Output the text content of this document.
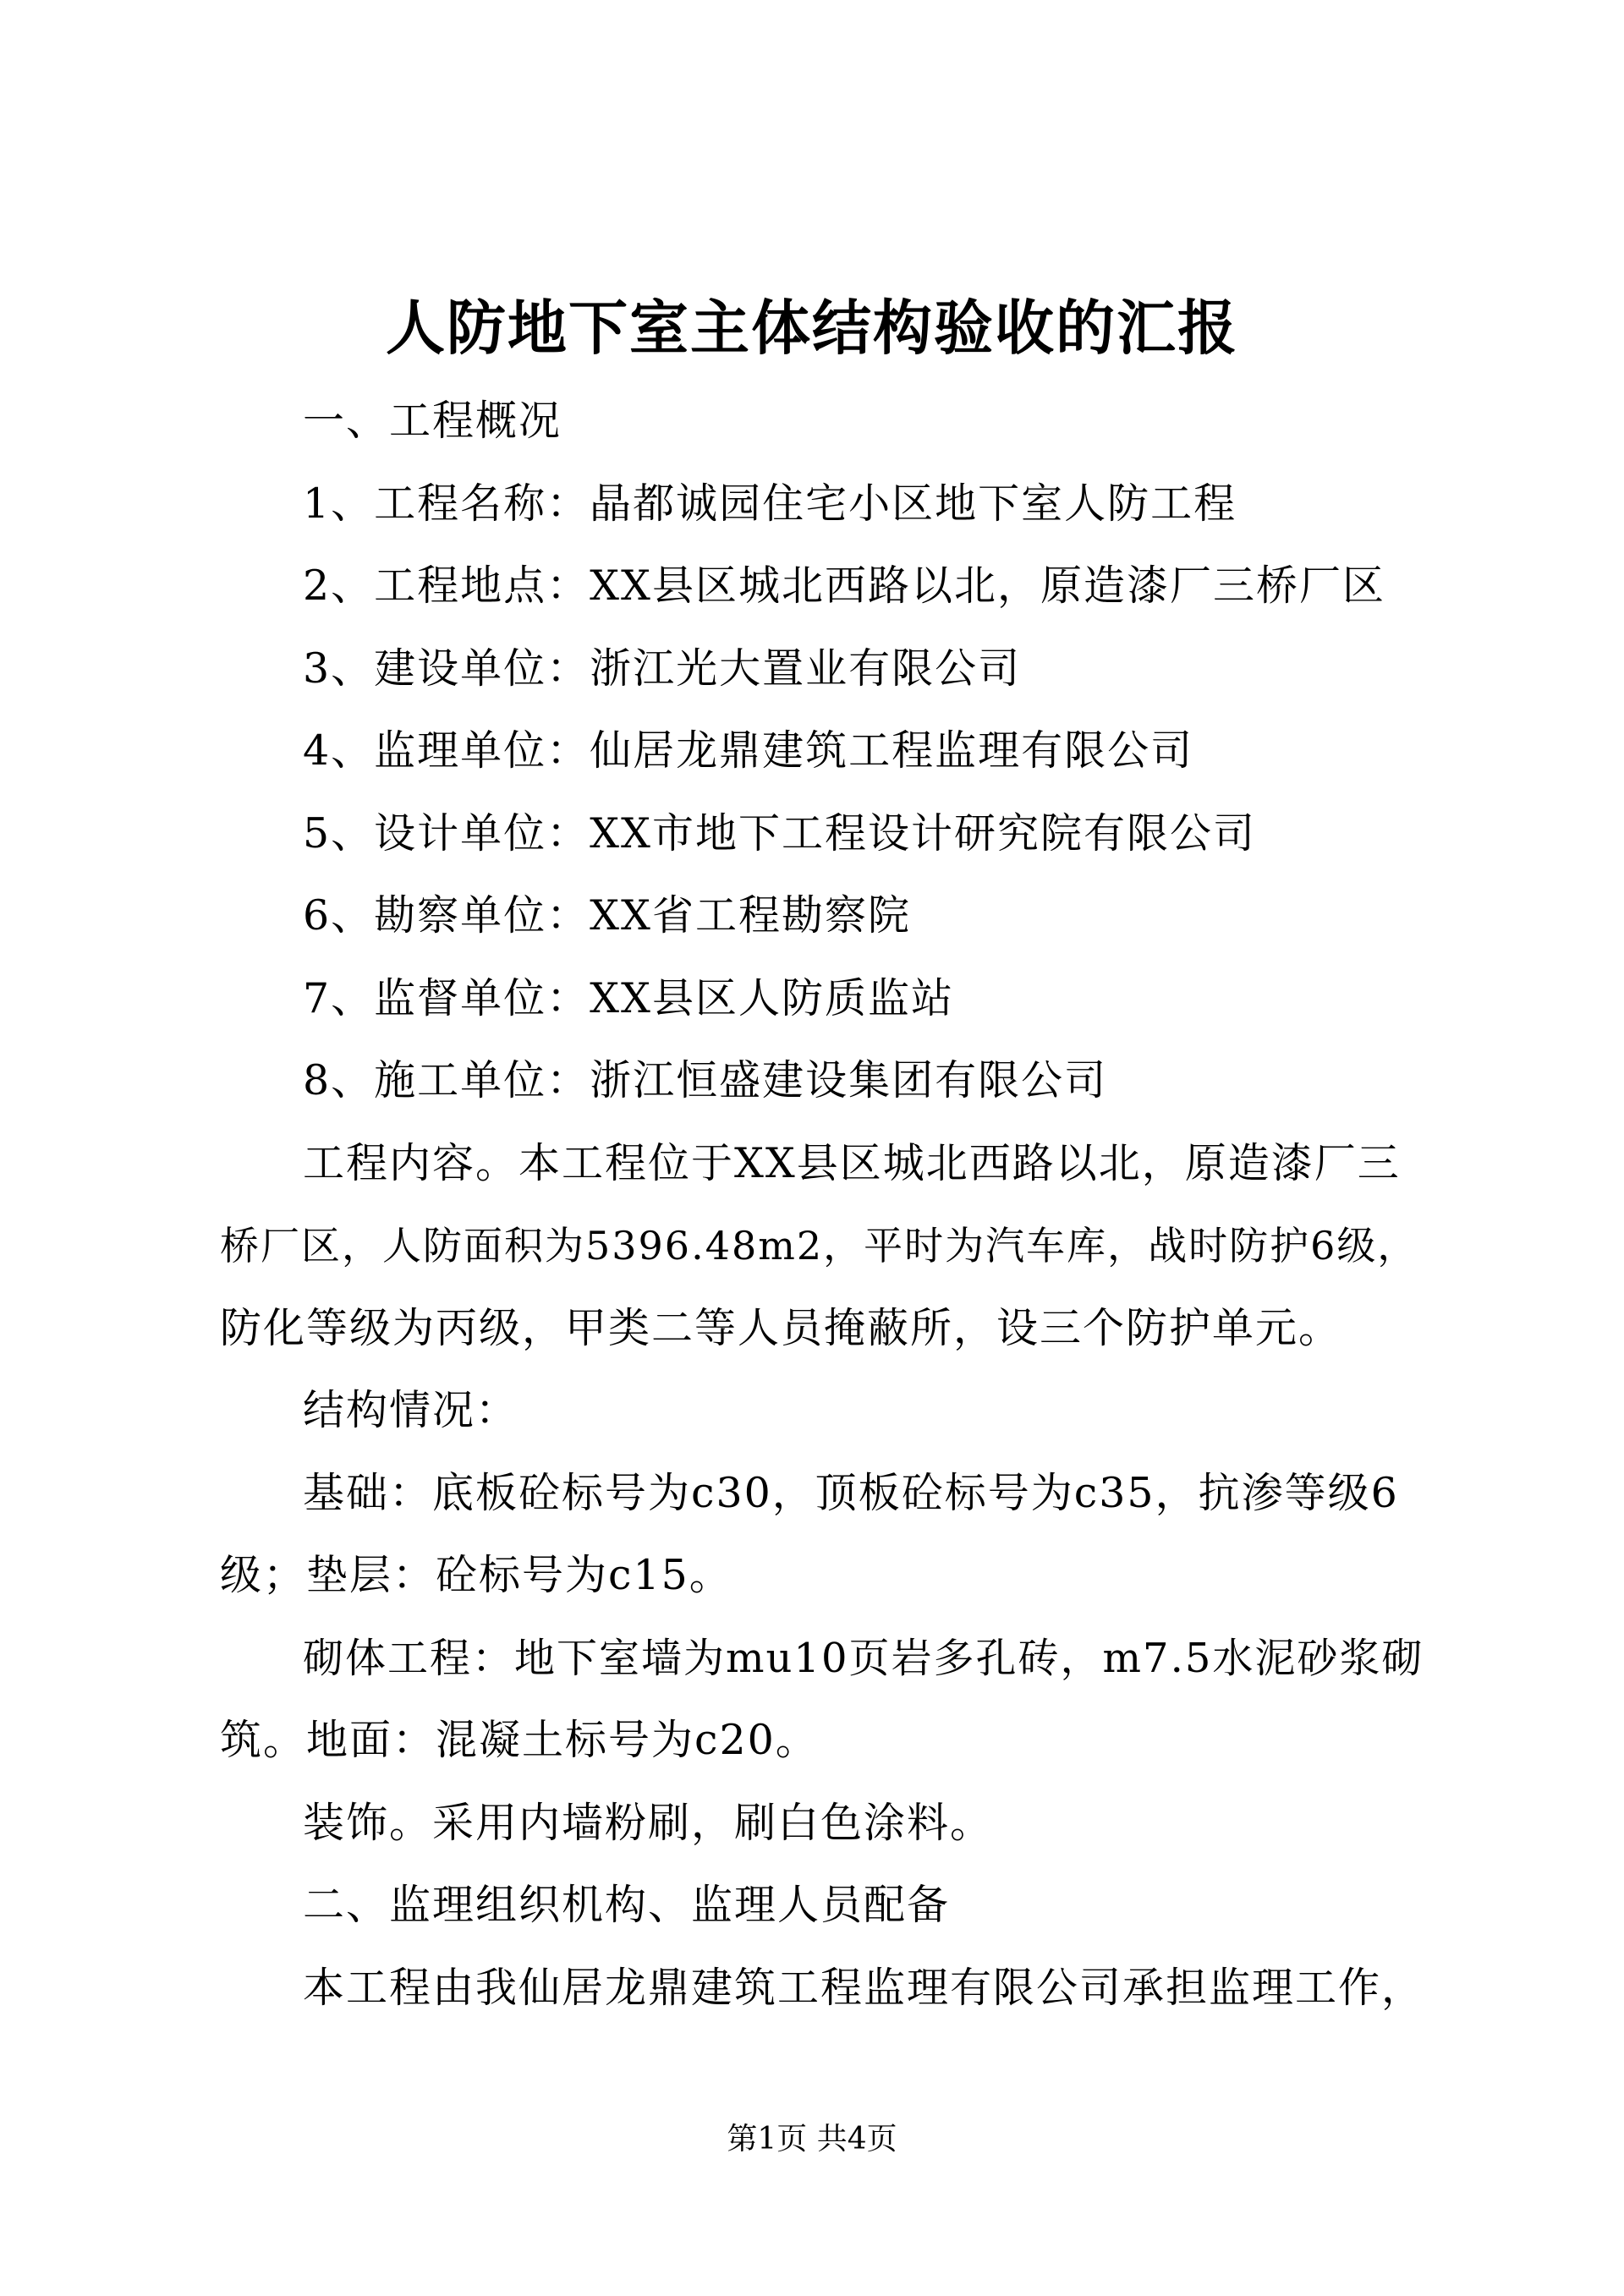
人防地下室主体结构验收的汇报
一、工程概况
1、工程名称：晶都诚园住宅小区地下室人防工程
2、工程地点：XX县区城北西路以北，原造漆厂三桥厂区
3、建设单位：浙江光大置业有限公司
4、监理单位：仙居龙鼎建筑工程监理有限公司
5、设计单位：XX市地下工程设计研究院有限公司
6、勘察单位：XX省工程勘察院
7、监督单位：XX县区人防质监站
8、施工单位：浙江恒盛建设集团有限公司
工程内容。本工程位于XX县区城北西路以北，原造漆厂三
桥厂区，人防面积为5396.48m2，平时为汽车库，战时防护6级，
防化等级为丙级，甲类二等人员掩蔽所，设三个防护单元。
结构情况：
基础：底板砼标号为c30，顶板砼标号为c35，抗渗等级6
级；垫层：砼标号为c15。
砌体工程：地下室墙为mu10页岩多孔砖，m7.5水泥砂浆砌
筑。地面：混凝土标号为c20。
装饰。采用内墙粉刷，刷白色涂料。
二、监理组织机构、监理人员配备
本工程由我仙居龙鼎建筑工程监理有限公司承担监理工作，
第1页 共4页
